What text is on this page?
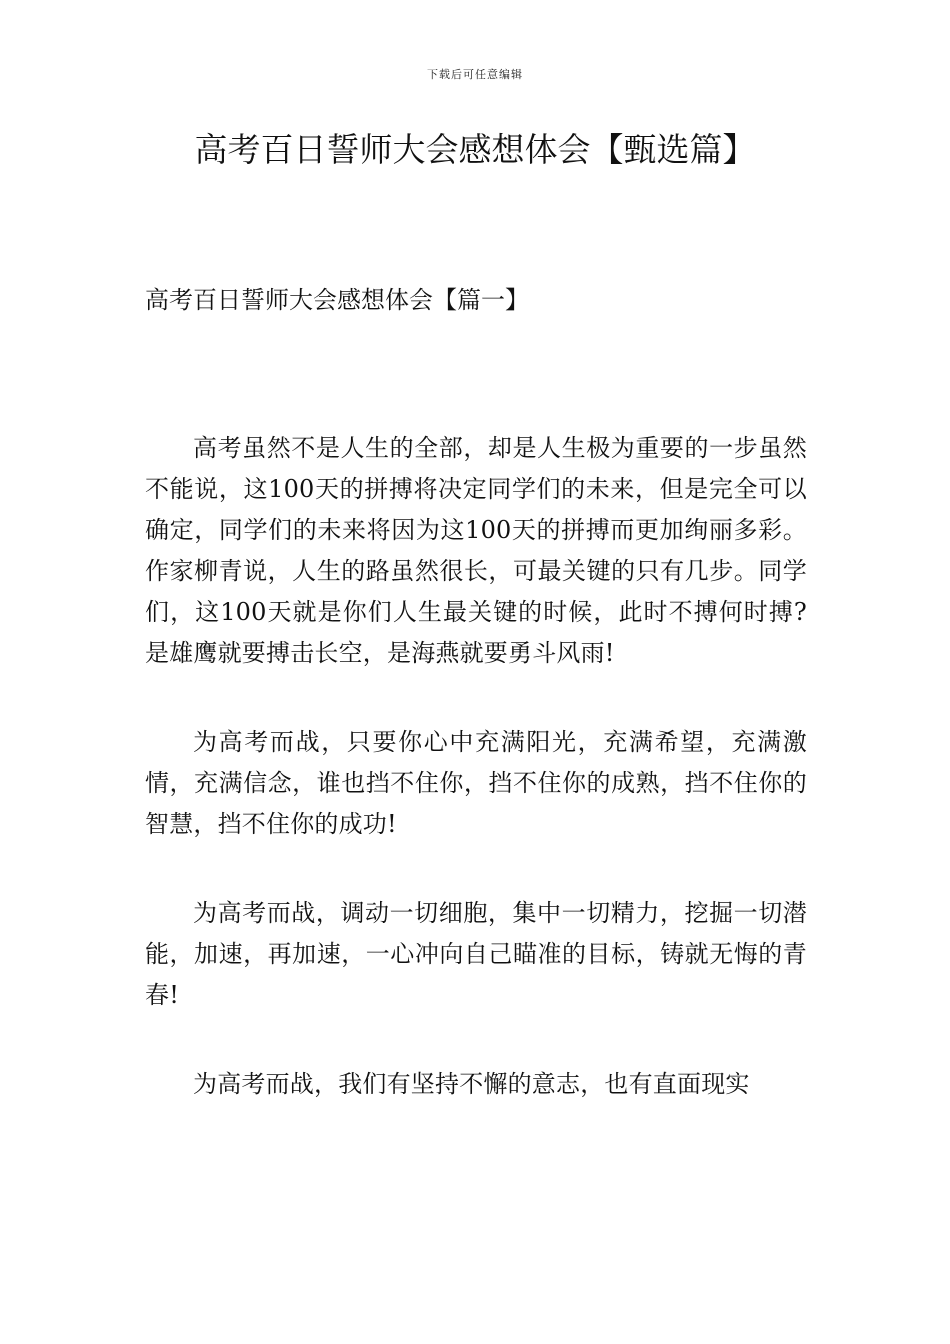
下载后可任意编辑
高考百日誓师大会感想体会【甄选篇】
高考百日誓师大会感想体会【篇一】

高考虽然不是人生的全部，却是人生极为重要的一步虽然不能说，这100天的拼搏将决定同学们的未来，但是完全可以确定，同学们的未来将因为这100天的拼搏而更加绚丽多彩。作家柳青说，人生的路虽然很长，可最关键的只有几步。同学们，这100天就是你们人生最关键的时候，此时不搏何时搏?是雄鹰就要搏击长空，是海燕就要勇斗风雨!

为高考而战，只要你心中充满阳光，充满希望，充满激情，充满信念，谁也挡不住你，挡不住你的成熟，挡不住你的智慧，挡不住你的成功!

为高考而战，调动一切细胞，集中一切精力，挖掘一切潜能，加速，再加速，一心冲向自己瞄准的目标，铸就无悔的青春!

为高考而战，我们有坚持不懈的意志，也有直面现实
